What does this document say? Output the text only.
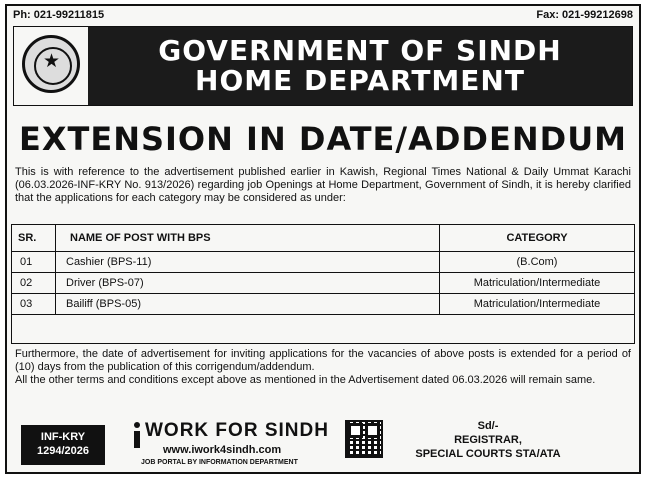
Ph: 021-99211815	Fax: 021-99212698
★
GOVERNMENT OF SINDH
HOME DEPARTMENT
EXTENSION IN DATE/ADDENDUM
This is with reference to the advertisement published earlier in Kawish, Regional Times National & Daily Ummat Karachi (06.03.2026-INF-KRY No. 913/2026) regarding job Openings at Home Department, Government of Sindh, it is hereby clarified that the applications for each category may be considered as under:
SR.	NAME OF POST WITH BPS	CATEGORY
01	Cashier (BPS-11)	(B.Com)
02	Driver (BPS-07)	Matriculation/Intermediate
03	Bailiff (BPS-05)	Matriculation/Intermediate
Furthermore, the date of advertisement for inviting applications for the vacancies of above posts is extended for a period of (10) days from the publication of this corrigendum/addendum.
All the other terms and conditions except above as mentioned in the Advertisement dated 06.03.2026 will remain same.
INF-KRY
1294/2026
WORK FOR SINDH
www.iwork4sindh.com
JOB PORTAL BY INFORMATION DEPARTMENT
Sd/-
REGISTRAR,
SPECIAL COURTS STA/ATA
